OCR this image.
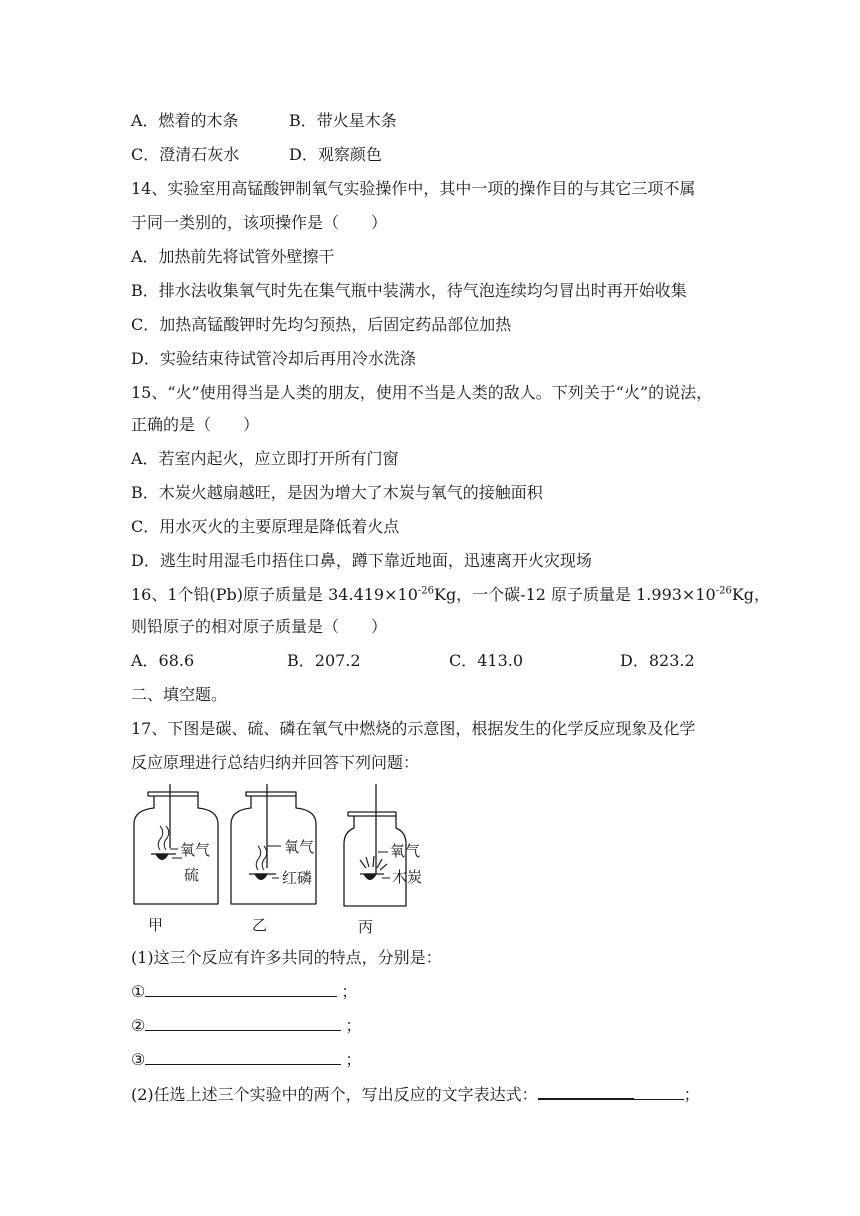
A．燃着的木条	B．带火星木条
C．澄清石灰水	D．观察颜色
14、实验室用高锰酸钾制氧气实验操作中，其中一项的操作目的与其它三项不属
于同一类别的，该项操作是（　　）
A．加热前先将试管外壁擦干
B．排水法收集氧气时先在集气瓶中装满水，待气泡连续均匀冒出时再开始收集
C．加热高锰酸钾时先均匀预热，后固定药品部位加热
D．实验结束待试管冷却后再用冷水洗涤
15、“火”使用得当是人类的朋友，使用不当是人类的敌人。下列关于“火”的说法，
正确的是（　　）
A．若室内起火，应立即打开所有门窗
B．木炭火越扇越旺，是因为增大了木炭与氧气的接触面积
C．用水灭火的主要原理是降低着火点
D．逃生时用湿毛巾捂住口鼻，蹲下靠近地面，迅速离开火灾现场
16、1个铅(Pb)原子质量是 $34.419\times 10^{-26}Kg$，一个碳-12 原子质量是 $1.993\times 10^{-26}Kg$，
则铅原子的相对原子质量是（　　）
A．68.6	B．207.2	C．413.0	D．823.2
二、填空题。
17、下图是碳、硫、磷在氧气中燃烧的示意图，根据发生的化学反应现象及化学
反应原理进行总结归纳并回答下列问题：
氧气
硫
甲
氧气
红磷
乙
氧气
木炭
丙
(1)这三个反应有许多共同的特点，分别是：
①	；
②	；
③	；
(2)任选上述三个实验中的两个，写出反应的文字表达式：	；
